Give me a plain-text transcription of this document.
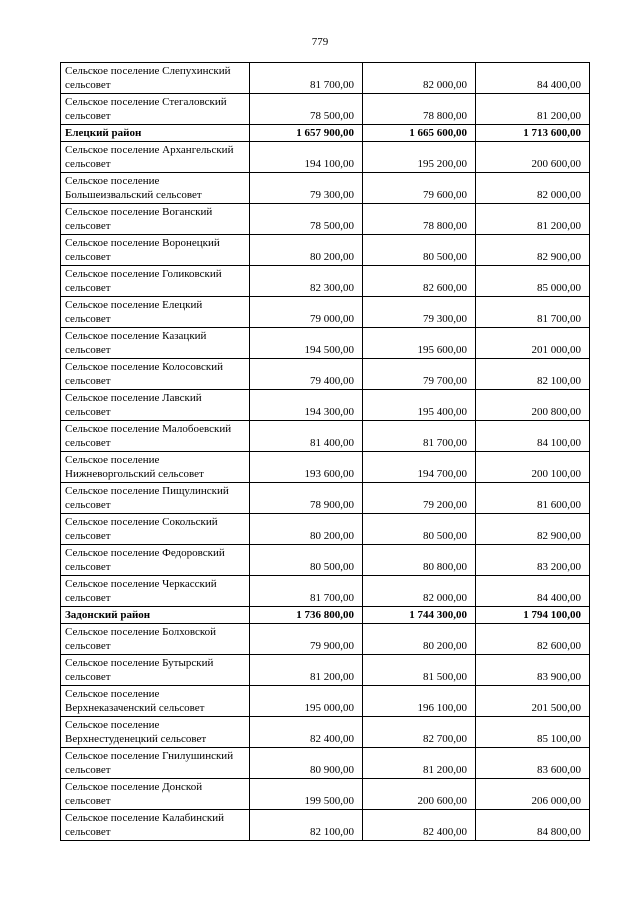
779
Сельское поселение Слепухинский сельсовет	81 700,00	82 000,00	84 400,00
Сельское поселение Стегаловский сельсовет	78 500,00	78 800,00	81 200,00
Елецкий район	1 657 900,00	1 665 600,00	1 713 600,00
Сельское поселение Архангельский сельсовет	194 100,00	195 200,00	200 600,00
Сельское поселение Большеизвальский сельсовет	79 300,00	79 600,00	82 000,00
Сельское поселение Воганский сельсовет	78 500,00	78 800,00	81 200,00
Сельское поселение Воронецкий сельсовет	80 200,00	80 500,00	82 900,00
Сельское поселение Голиковский сельсовет	82 300,00	82 600,00	85 000,00
Сельское поселение Елецкий сельсовет	79 000,00	79 300,00	81 700,00
Сельское поселение Казацкий сельсовет	194 500,00	195 600,00	201 000,00
Сельское поселение Колосовский сельсовет	79 400,00	79 700,00	82 100,00
Сельское поселение Лавский сельсовет	194 300,00	195 400,00	200 800,00
Сельское поселение Малобоевский сельсовет	81 400,00	81 700,00	84 100,00
Сельское поселение Нижневоргольский сельсовет	193 600,00	194 700,00	200 100,00
Сельское поселение Пищулинский сельсовет	78 900,00	79 200,00	81 600,00
Сельское поселение Сокольский сельсовет	80 200,00	80 500,00	82 900,00
Сельское поселение Федоровский сельсовет	80 500,00	80 800,00	83 200,00
Сельское поселение Черкасский сельсовет	81 700,00	82 000,00	84 400,00
Задонский район	1 736 800,00	1 744 300,00	1 794 100,00
Сельское поселение Болховской сельсовет	79 900,00	80 200,00	82 600,00
Сельское поселение Бутырский сельсовет	81 200,00	81 500,00	83 900,00
Сельское поселение Верхнеказаченский сельсовет	195 000,00	196 100,00	201 500,00
Сельское поселение Верхнестуденецкий сельсовет	82 400,00	82 700,00	85 100,00
Сельское поселение Гнилушинский сельсовет	80 900,00	81 200,00	83 600,00
Сельское поселение Донской сельсовет	199 500,00	200 600,00	206 000,00
Сельское поселение Калабинский сельсовет	82 100,00	82 400,00	84 800,00
